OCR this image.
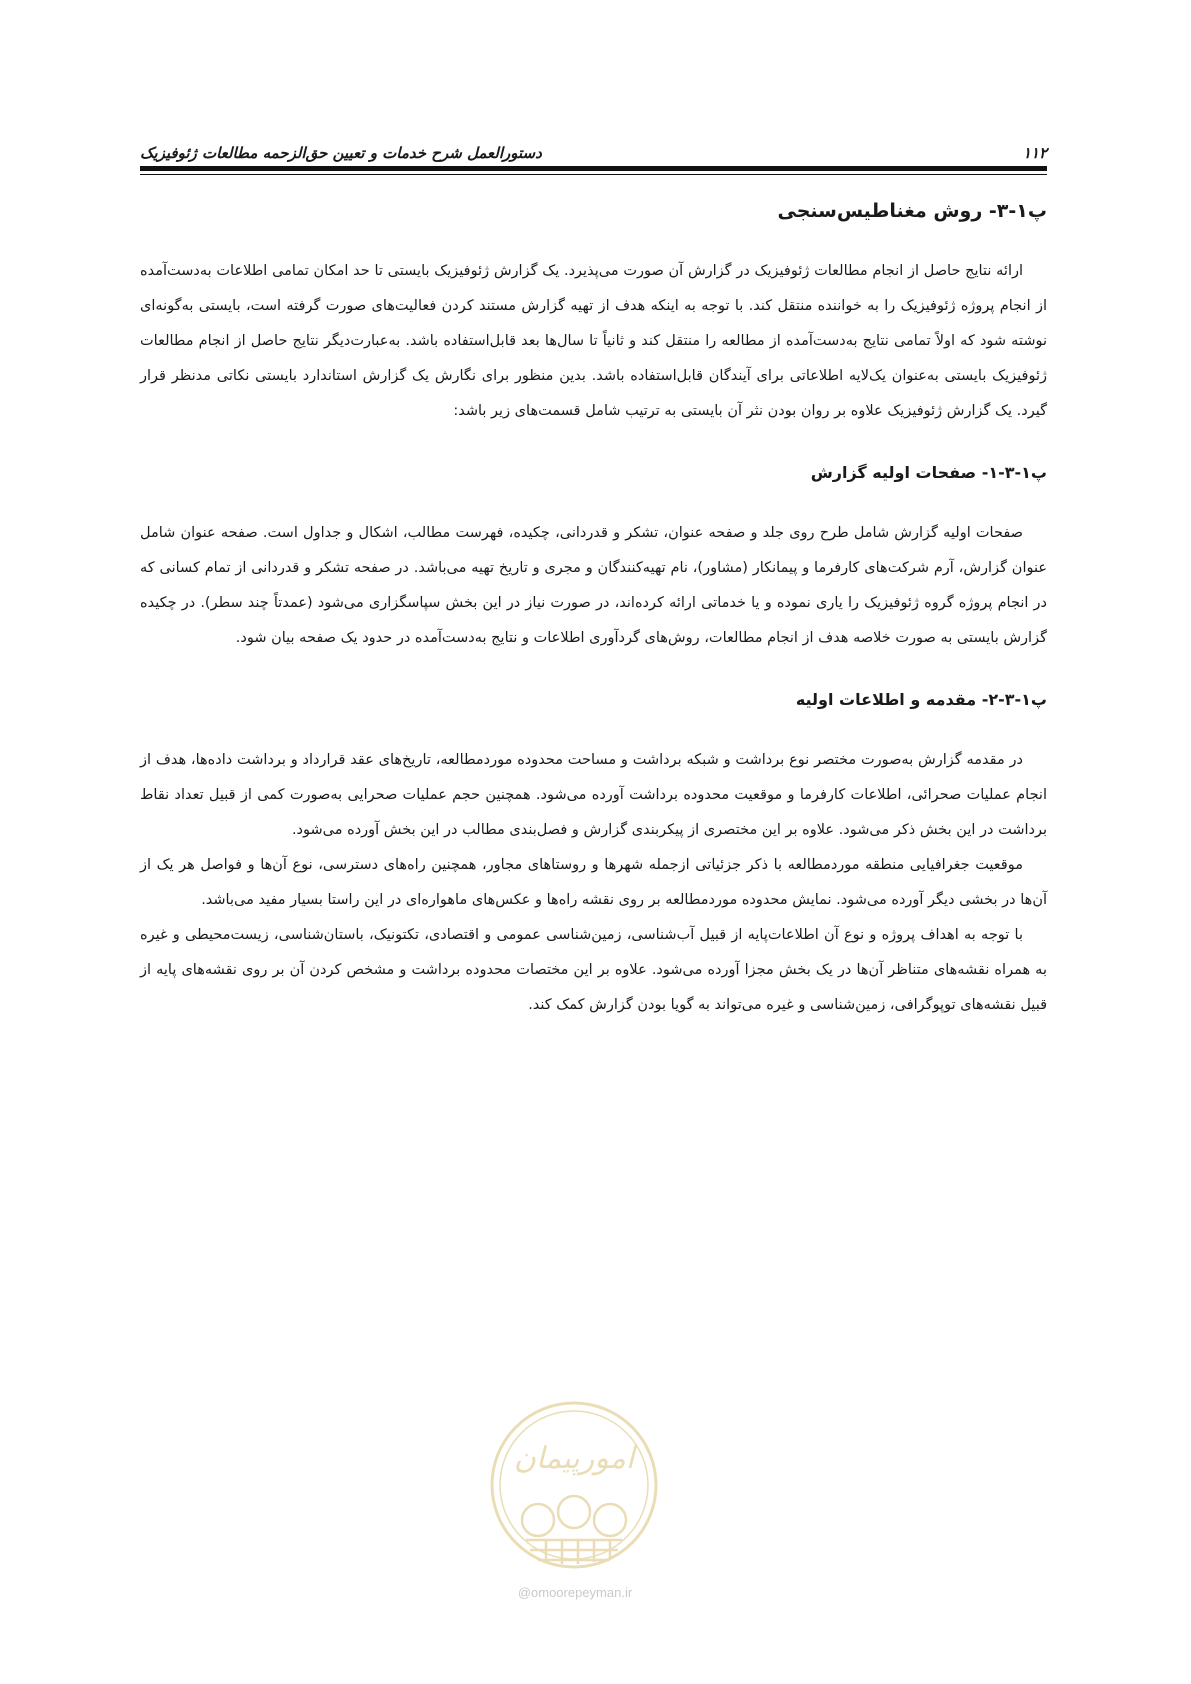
۱۱۲
دستورالعمل شرح خدمات و تعیین حق‌الزحمه مطالعات ژئوفیزیک
پ۱-۳- روش مغناطیس‌سنجی

ارائه نتایج حاصل از انجام مطالعات ژئوفیزیک در گزارش آن صورت می‌پذیرد. یک گزارش ژئوفیزیک بایستی تا حد امکان تمامی اطلاعات به‌دست‌آمده از انجام پروژه ژئوفیزیک را به خواننده منتقل کند. با توجه به اینکه هدف از تهیه گزارش مستند کردن فعالیت‌های صورت گرفته است، بایستی به‌گونه‌ای نوشته شود که اولاً تمامی نتایج به‌دست‌آمده از مطالعه را منتقل کند و ثانیاً تا سال‌ها بعد قابل‌استفاده باشد. به‌عبارت‌دیگر نتایج حاصل از انجام مطالعات ژئوفیزیک بایستی به‌عنوان یک‌لایه اطلاعاتی برای آیندگان قابل‌استفاده باشد. بدین منظور برای نگارش یک گزارش استاندارد بایستی نکاتی مدنظر قرار گیرد. یک گزارش ژئوفیزیک علاوه بر روان بودن نثر آن بایستی به ترتیب شامل قسمت‌های زیر باشد:

پ۱-۳-۱- صفحات اولیه گزارش

صفحات اولیه گزارش شامل طرح روی جلد و صفحه عنوان، تشکر و قدردانی، چکیده، فهرست مطالب، اشکال و جداول است. صفحه عنوان شامل عنوان گزارش، آرم شرکت‌های کارفرما و پیمانکار (مشاور)، نام تهیه‌کنندگان و مجری و تاریخ تهیه می‌باشد. در صفحه تشکر و قدردانی از تمام کسانی که در انجام پروژه گروه ژئوفیزیک را یاری نموده و یا خدماتی ارائه کرده‌اند، در صورت نیاز در این بخش سپاسگزاری می‌شود (عمدتاً چند سطر). در چکیده گزارش بایستی به صورت خلاصه هدف از انجام مطالعات، روش‌های گردآوری اطلاعات و نتایج به‌دست‌آمده در حدود یک صفحه بیان شود.

پ۱-۳-۲- مقدمه و اطلاعات اولیه

در مقدمه گزارش به‌صورت مختصر نوع برداشت و شبکه برداشت و مساحت محدوده موردمطالعه، تاریخ‌های عقد قرارداد و برداشت داده‌ها، هدف از انجام عملیات صحرائی، اطلاعات کارفرما و موقعیت محدوده برداشت آورده می‌شود. همچنین حجم عملیات صحرایی به‌صورت کمی از قبیل تعداد نقاط برداشت در این بخش ذکر می‌شود. علاوه بر این مختصری از پیکربندی گزارش و فصل‌بندی مطالب در این بخش آورده می‌شود.

موقعیت جغرافیایی منطقه موردمطالعه با ذکر جزئیاتی ازجمله شهرها و روستاهای مجاور، همچنین راه‌های دسترسی، نوع آن‌ها و فواصل هر یک از آن‌ها در بخشی دیگر آورده می‌شود. نمایش محدوده موردمطالعه بر روی نقشه راه‌ها و عکس‌های ماهواره‌ای در این راستا بسیار مفید می‌باشد.

با توجه به اهداف پروژه و نوع آن اطلاعات‌پایه از قبیل آب‌شناسی، زمین‌شناسی عمومی و اقتصادی، تکتونیک، باستان‌شناسی، زیست‌محیطی و غیره به همراه نقشه‌های متناظر آن‌ها در یک بخش مجزا آورده می‌شود. علاوه بر این مختصات محدوده برداشت و مشخص کردن آن بر روی نقشه‌های پایه از قبیل نقشه‌های توپوگرافی، زمین‌شناسی و غیره می‌تواند به گویا بودن گزارش کمک کند.

امورپیمان
@omoorepeyman.ir
